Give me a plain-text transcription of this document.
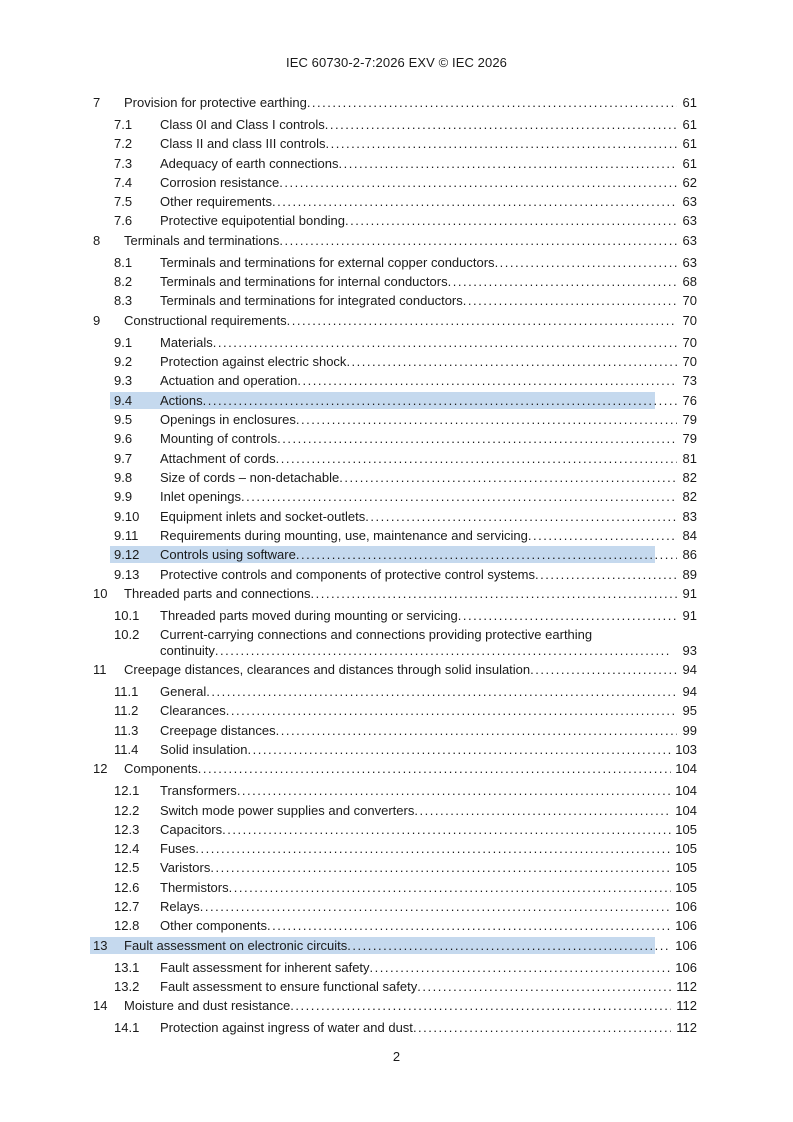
IEC 60730-2-7:2026 EXV © IEC 2026
7 Provision for protective earthing . . .	61
7.1 Class 0I and Class I controls . . .	61
7.2 Class II and class III controls . . .	61
7.3 Adequacy of earth connections . . .	61
7.4 Corrosion resistance . . .	62
7.5 Other requirements . . .	63
7.6 Protective equipotential bonding . . .	63
8 Terminals and terminations . . .	63
8.1 Terminals and terminations for external copper conductors . . .	63
8.2 Terminals and terminations for internal conductors . . .	68
8.3 Terminals and terminations for integrated conductors . . .	70
9 Constructional requirements . . .	70
9.1 Materials . . .	70
9.2 Protection against electric shock . . .	70
9.3 Actuation and operation . . .	73
9.4 Actions . . .	76
9.5 Openings in enclosures . . .	79
9.6 Mounting of controls . . .	79
9.7 Attachment of cords . . .	81
9.8 Size of cords – non-detachable . . .	82
9.9 Inlet openings . . .	82
9.10 Equipment inlets and socket-outlets . . .	83
9.11 Requirements during mounting, use, maintenance and servicing . . .	84
9.12 Controls using software . . .	86
9.13 Protective controls and components of protective control systems . . .	89
10 Threaded parts and connections . . .	91
10.1 Threaded parts moved during mounting or servicing . . .	91
10.2 Current-carrying connections and connections providing protective earthing
continuity . . .	93
11 Creepage distances, clearances and distances through solid insulation . . .	94
11.1 General . . .	94
11.2 Clearances . . .	95
11.3 Creepage distances . . .	99
11.4 Solid insulation . . .	103
12 Components . . .	104
12.1 Transformers . . .	104
12.2 Switch mode power supplies and converters . . .	104
12.3 Capacitors . . .	105
12.4 Fuses . . .	105
12.5 Varistors . . .	105
12.6 Thermistors . . .	105
12.7 Relays . . .	106
12.8 Other components . . .	106
13 Fault assessment on electronic circuits . . .	106
13.1 Fault assessment for inherent safety . . .	106
13.2 Fault assessment to ensure functional safety . . .	112
14 Moisture and dust resistance . . .	112
14.1 Protection against ingress of water and dust . . .	112
2
